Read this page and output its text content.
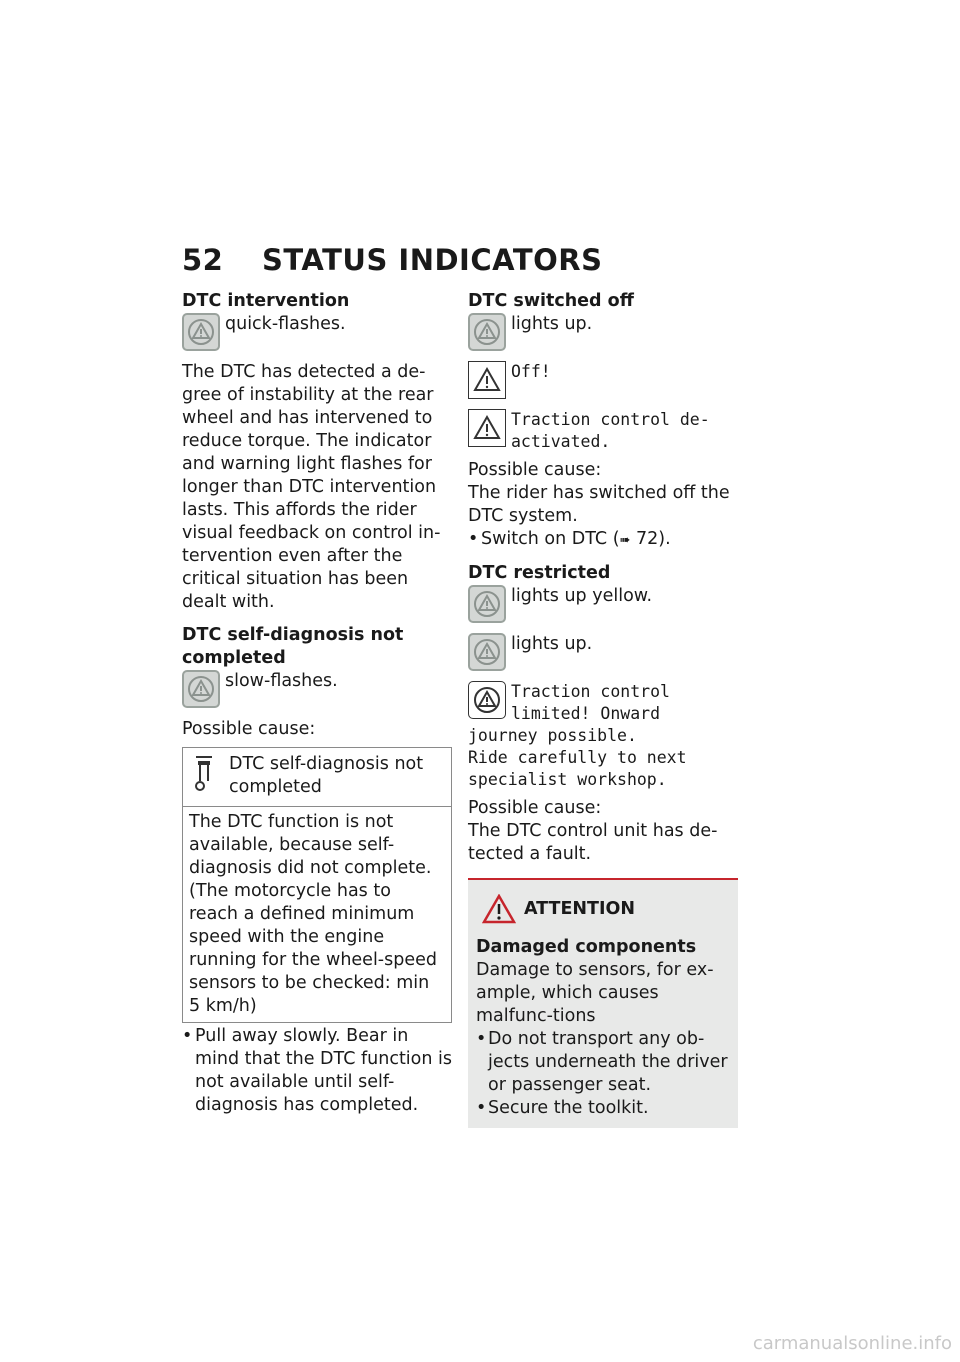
52 STATUS INDICATORS

DTC intervention

quick-flashes.

The DTC has detected a de-gree of instability at the rear wheel and has intervened to reduce torque. The indicator and warning light flashes for longer than DTC intervention lasts. This affords the rider visual feedback on control in-tervention even after the critical situation has been dealt with.

DTC self-diagnosis not completed

slow-flashes.

Possible cause:

DTC self-diagnosis not completed
The DTC function is not available, because self-diagnosis did not complete. (The motorcycle has to reach a defined minimum speed with the engine running for the wheel-speed sensors to be checked: min 5 km/h)
• Pull away slowly. Bear in mind that the DTC function is not available until self-diagnosis has completed.

DTC switched off

lights up.
Off!
Traction control de-activated.

Possible cause:

The rider has switched off the DTC system.

• Switch on DTC (➠ 72).

DTC restricted

lights up yellow.
lights up.
Traction control
limited! Onward
journey possible.
Ride carefully to next
specialist workshop.

Possible cause:

The DTC control unit has de-tected a fault.

ATTENTION

Damaged components

Damage to sensors, for ex-ample, which causes malfunc-tions

• Do not transport any ob-jects underneath the driver or passenger seat.
• Secure the toolkit.
carmanualsonline.info
